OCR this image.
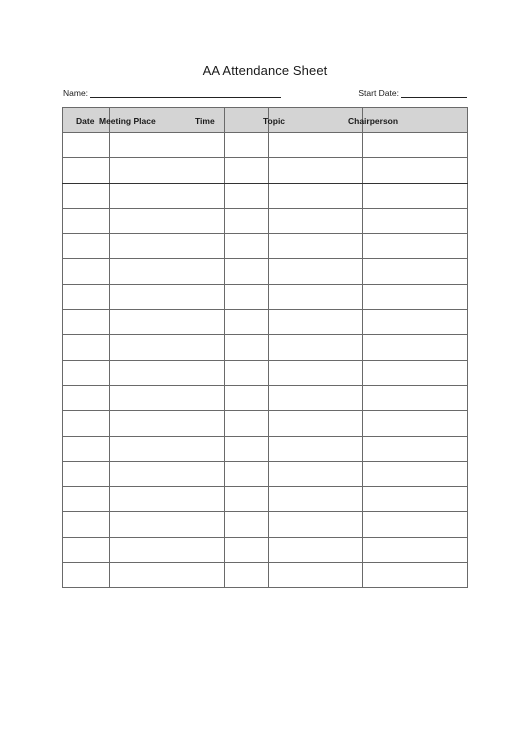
AA Attendance Sheet
Name:	Start Date:
Date	Meeting Place	Time	Topic	Chairperson
